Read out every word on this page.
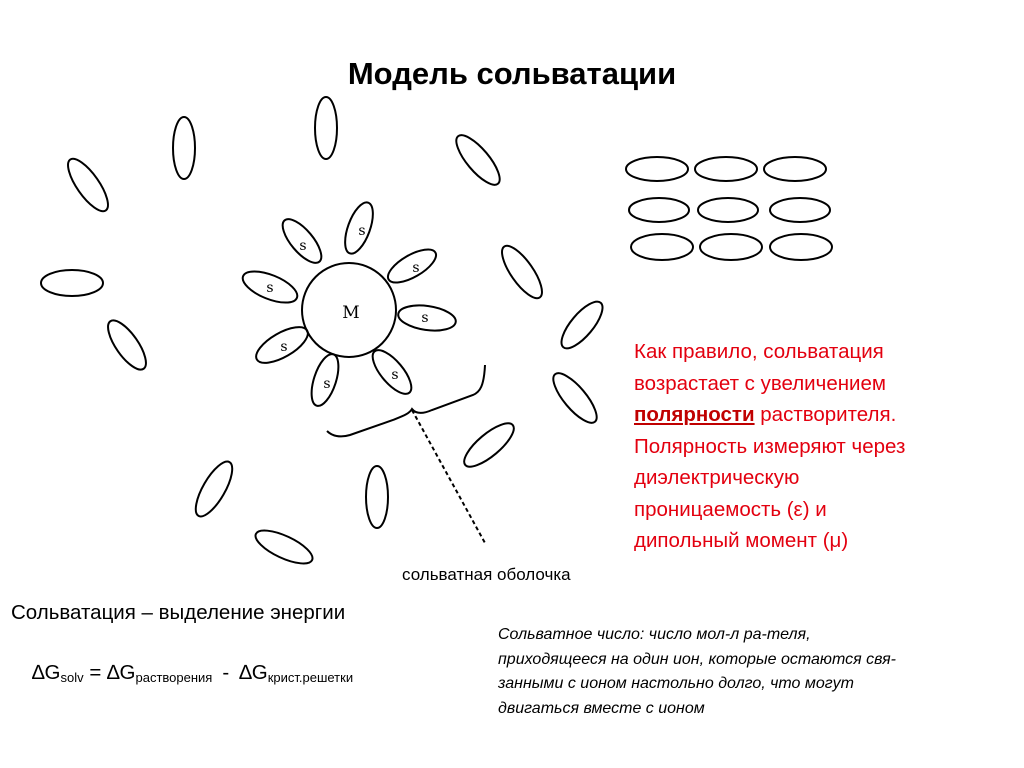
Модель сольватации
M
s
s
s
s
s
s
s
s
сольватная оболочка
Как правило, сольватация
возрастает с увеличением
полярности растворителя.
Полярность измеряют через
диэлектрическую
проницаемость (ε) и
дипольный момент (μ)
Сольватация – выделение энергии
$\Delta G_{solv} = \Delta G_{растворения} - \Delta G_{крист.решетки}$
Сольватное число: число мол-л ра-теля,
приходящееся на один ион, которые остаются свя-
занными с ионом настольно долго, что могут
двигаться вместе с ионом
